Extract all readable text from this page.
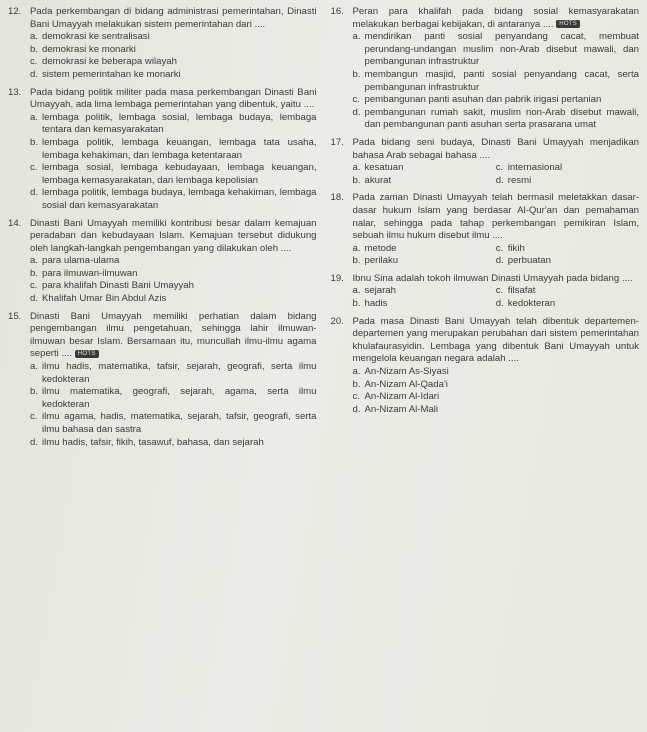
12. Pada perkembangan di bidang administrasi pemerintahan, Dinasti Bani Umayyah melakukan sistem pemerintahan dari ....
a. demokrasi ke sentralisasi
b. demokrasi ke monarki
c. demokrasi ke beberapa wilayah
d. sistem pemerintahan ke monarki
13. Pada bidang politik militer pada masa perkembangan Dinasti Bani Umayyah, ada lima lembaga pemerintahan yang dibentuk, yaitu ....
a. lembaga politik, lembaga sosial, lembaga budaya, lembaga tentara dan kemasyarakatan
b. lembaga politik, lembaga keuangan, lembaga tata usaha, lembaga kehakiman, dan lembaga ketentaraan
c. lembaga sosial, lembaga kebudayaan, lembaga keuangan, lembaga kemasyarakatan, dan lembaga kepolisian
d. lembaga politik, lembaga budaya, lembaga kehakiman, lembaga sosial dan kemasyarakatan
14. Dinasti Bani Umayyah memiliki kontribusi besar dalam kemajuan peradaban dan kebudayaan Islam. Kemajuan tersebut didukung oleh langkah-langkah pengembangan yang dilakukan oleh ....
a. para ulama-ulama
b. para ilmuwan-ilmuwan
c. para khalifah Dinasti Bani Umayyah
d. Khalifah Umar Bin Abdul Azis
15. Dinasti Bani Umayyah memiliki perhatian dalam bidang pengembangan ilmu pengetahuan, sehingga lahir ilmuwan-ilmuwan besar Islam. Bersamaan itu, muncullah ilmu-ilmu agama seperti .... HOTS
a. ilmu hadis, matematika, tafsir, sejarah, geografi, serta ilmu kedokteran
b. ilmu matematika, geografi, sejarah, agama, serta ilmu kedokteran
c. ilmu agama, hadis, matematika, sejarah, tafsir, geografi, serta ilmu bahasa dan sastra
d. ilmu hadis, tafsir, fikih, tasawuf, bahasa, dan sejarah
16. Peran para khalifah pada bidang sosial kemasyarakatan melakukan berbagai kebijakan, di antaranya .... HOTS
a. mendirikan panti sosial penyandang cacat, membuat perundang-undangan muslim non-Arab disebut mawali, dan pembangunan infrastruktur
b. membangun masjid, panti sosial penyandang cacat, serta pembangunan infrastruktur
c. pembangunan panti asuhan dan pabrik irigasi pertanian
d. pembangunan rumah sakit, muslim non-Arab disebut mawali, dan pembangunan panti asuhan serta prasarana umat
17. Pada bidang seni budaya, Dinasti Bani Umayyah menjadikan bahasa Arab sebagai bahasa ....
a. kesatuan	c. internasional
b. akurat	d. resmi
18. Pada zaman Dinasti Umayyah telah bermasil meletakkan dasar-dasar hukum Islam yang berdasar Al-Qur'an dan pemahaman nalar, sehingga pada tahap perkembangan pemikiran Islam, sebuah ilmu hukum disebut ilmu ....
a. metode	c. fikih
b. perilaku	d. perbuatan
19. Ibnu Sina adalah tokoh ilmuwan Dinasti Umayyah pada bidang ....
a. sejarah	c. filsafat
b. hadis	d. kedokteran
20. Pada masa Dinasti Bani Umayyah telah dibentuk departemen-departemen yang merupakan perubahan dari sistem pemerintahan khulafaurasyidin. Lembaga yang dibentuk Bani Umayyah untuk mengelola keuangan negara adalah ....
a. An-Nizam As-Siyasi
b. An-Nizam Al-Qada'i
c. An-Nizam Al-Idari
d. An-Nizam Al-Mali
